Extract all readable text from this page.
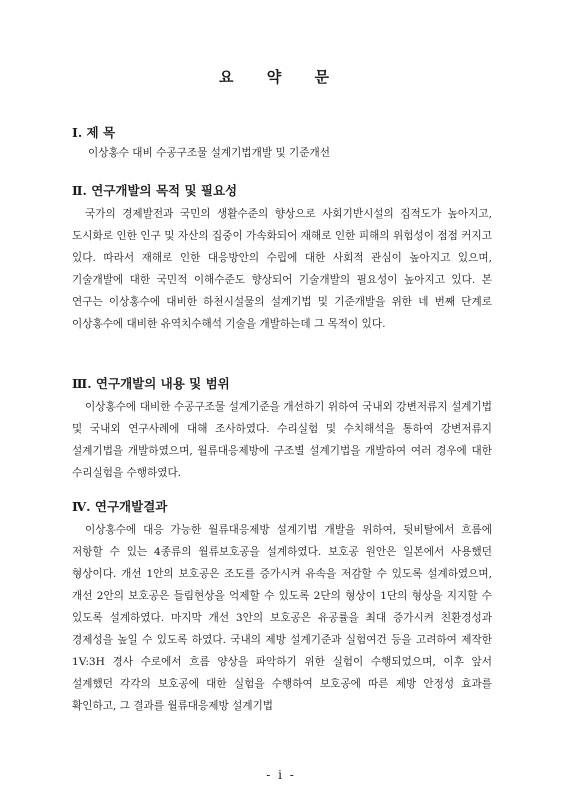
요 약 문
Ⅰ. 제 목
이상홍수 대비 수공구조물 설계기법개발 및 기준개선
Ⅱ. 연구개발의 목적 및 필요성

국가의 경제발전과 국민의 생활수준의 향상으로 사회기반시설의 집적도가 높아지고, 도시화로 인한 인구 및 자산의 집중이 가속화되어 재해로 인한 피해의 위험성이 점점 커지고 있다. 따라서 재해로 인한 대응방안의 수립에 대한 사회적 관심이 높아지고 있으며, 기술개발에 대한 국민적 이해수준도 향상되어 기술개발의 필요성이 높아지고 있다. 본 연구는 이상홍수에 대비한 하천시설물의 설계기법 및 기준개발을 위한 네 번째 단계로 이상홍수에 대비한 유역치수해석 기술을 개발하는데 그 목적이 있다.

Ⅲ. 연구개발의 내용 및 범위

이상홍수에 대비한 수공구조물 설계기준을 개선하기 위하여 국내외 강변저류지 설계기법 및 국내외 연구사례에 대해 조사하였다. 수리실험 및 수치해석을 통하여 강변저류지 설계기법을 개발하였으며, 월류대응제방에 구조별 설계기법을 개발하여 여러 경우에 대한 수리실험을 수행하였다.

Ⅳ. 연구개발결과

이상홍수에 대응 가능한 월류대응제방 설계기법 개발을 위하여, 뒷비탈에서 흐름에 저항할 수 있는 4종류의 월류보호공을 설계하였다. 보호공 원안은 일본에서 사용했던 형상이다. 개선 1안의 보호공은 조도를 증가시켜 유속을 저감할 수 있도록 설계하였으며, 개선 2안의 보호공은 들림현상을 억제할 수 있도록 2단의 형상이 1단의 형상을 지지할 수 있도록 설계하였다. 마지막 개선 3안의 보호공은 유공률을 최대 증가시켜 친환경성과 경제성을 높일 수 있도록 하였다. 국내의 제방 설계기준과 실험여건 등을 고려하여 제작한 1V:3H 경사 수로에서 흐름 양상을 파악하기 위한 실험이 수행되었으며, 이후 앞서 설계했던 각각의 보호공에 대한 실험을 수행하여 보호공에 따른 제방 안정성 효과를 확인하고, 그 결과를 월류대응제방 설계기법

- i -
